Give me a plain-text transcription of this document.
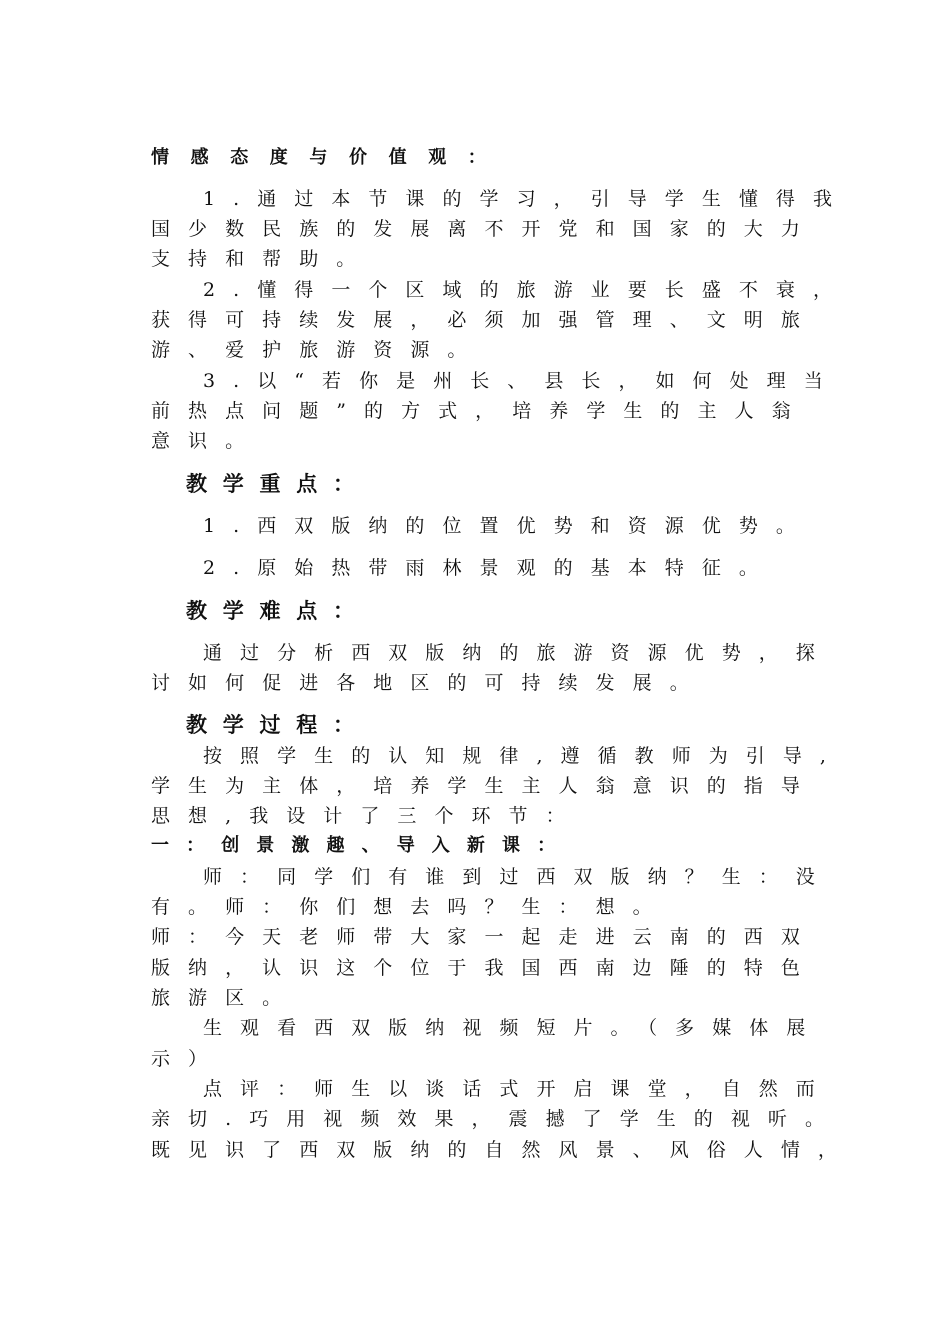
情感态度与价值观：
1.通过本节课的学习，引导学生懂得我
国少数民族的发展离不开党和国家的大力
支持和帮助。
2.懂得一个区域的旅游业要长盛不衰，
获得可持续发展，必须加强管理、文明旅
游、爱护旅游资源。
3.以“若你是州长、县长，如何处理当
前热点问题”的方式，培养学生的主人翁
意识。
教学重点：
1.西双版纳的位置优势和资源优势。
2.原始热带雨林景观的基本特征。
教学难点：
通过分析西双版纳的旅游资源优势，探
讨如何促进各地区的可持续发展。
教学过程：
按照学生的认知规律,遵循教师为引导,
学生为主体，培养学生主人翁意识的指导
思想,我设计了三个环节：
一：创景激趣、导入新课：
师：同学们有谁到过西双版纳？生：没
有。师：你们想去吗？生：想。
师：今天老师带大家一起走进云南的西双
版纳，认识这个位于我国西南边陲的特色
旅游区。
生观看西双版纳视频短片。（多媒体展
示）
点评：师生以谈话式开启课堂，自然而
亲切.巧用视频效果，震撼了学生的视听。
既见识了西双版纳的自然风景、风俗人情，
